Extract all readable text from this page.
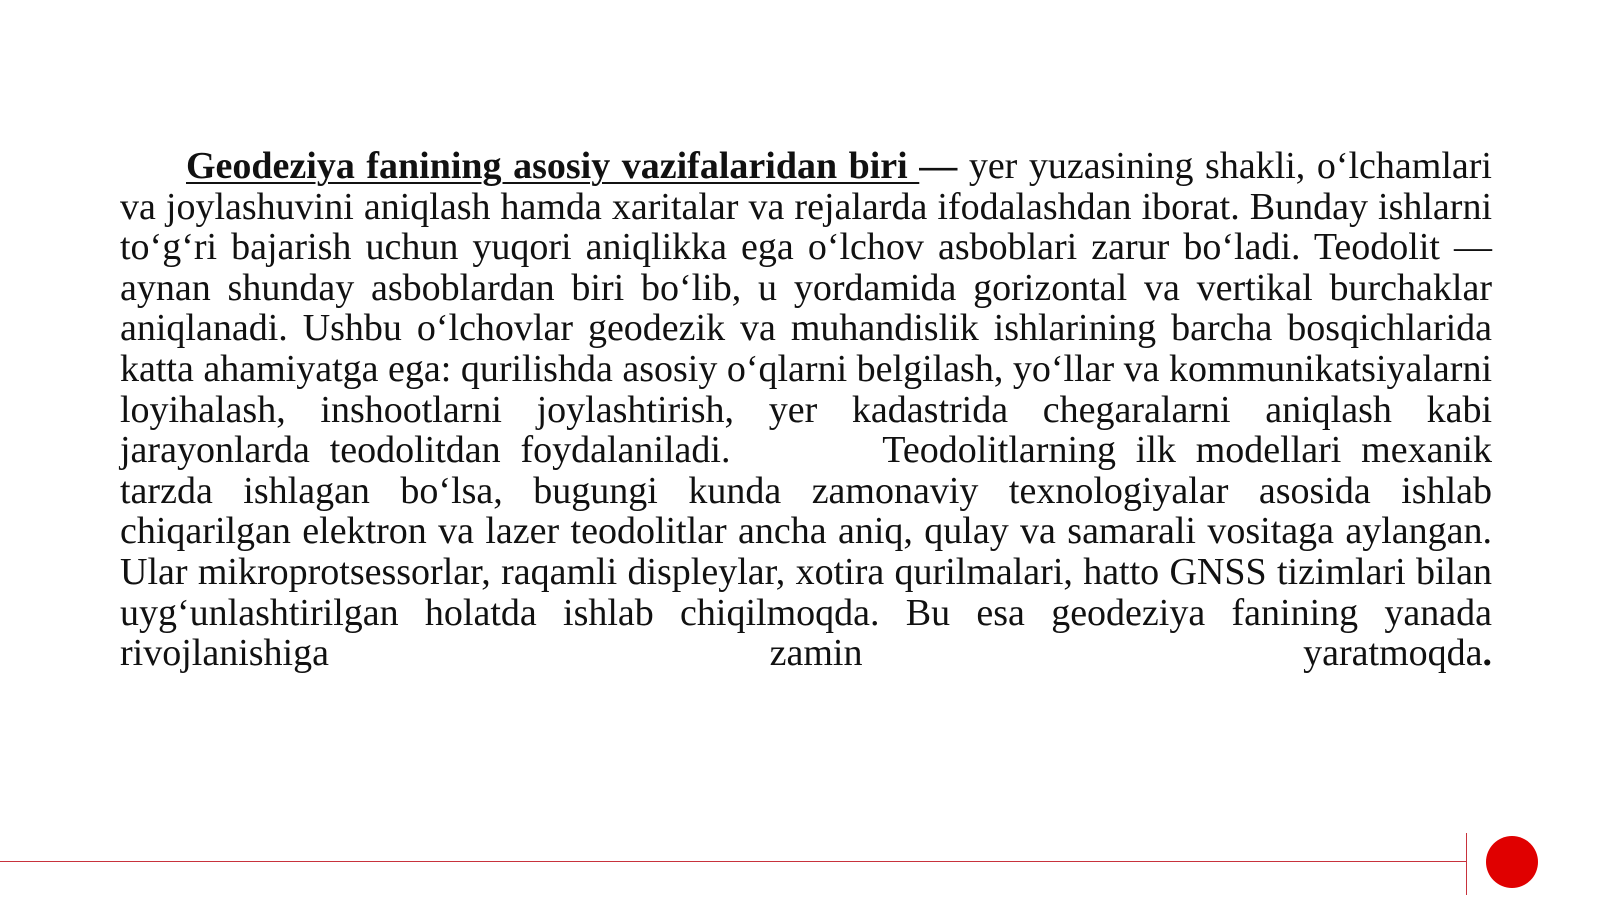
Geodeziya fanining asosiy vazifalaridan biri — yer yuzasining shakli, o‘lchamlari va joylashuvini aniqlash hamda xaritalar va rejalarda ifodalashdan iborat. Bunday ishlarni to‘g‘ri bajarish uchun yuqori aniqlikka ega o‘lchov asboblari zarur bo‘ladi. Teodolit — aynan shunday asboblardan biri bo‘lib, u yordamida gorizontal va vertikal burchaklar aniqlanadi. Ushbu o‘lchovlar geodezik va muhandislik ishlarining barcha bosqichlarida katta ahamiyatga ega: qurilishda asosiy o‘qlarni belgilash, yo‘llar va kommunikatsiyalarni loyihalash, inshootlarni joylashtirish, yer kadastrida chegaralarni aniqlash kabi jarayonlarda teodolitdan foydalaniladi.	Teodolitlarning ilk modellari mexanik tarzda ishlagan bo‘lsa, bugungi kunda zamonaviy texnologiyalar asosida ishlab chiqarilgan elektron va lazer teodolitlar ancha aniq, qulay va samarali vositaga aylangan. Ular mikroprotsessorlar, raqamli displeylar, xotira qurilmalari, hatto GNSS tizimlari bilan uyg‘unlashtirilgan holatda ishlab chiqilmoqda. Bu esa geodeziya fanining yanada rivojlanishiga zamin yaratmoqda.
